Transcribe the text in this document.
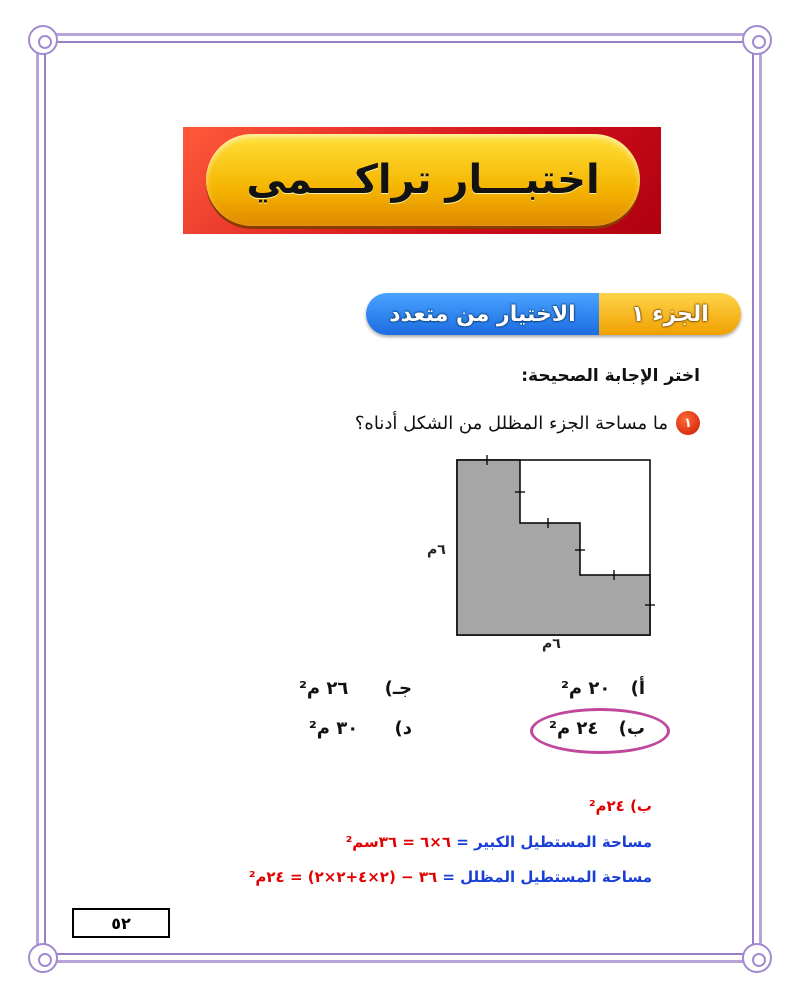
اختبـــار تراكـــمي
الجزء ١
الاختيار من متعدد
اختر الإجابة الصحيحة:
١
ما مساحة الجزء المظلل من الشكل أدناه؟
٦م
٦م
أ) ٢٠ م²
ب) ٢٤ م²
جـ) ٢٦ م²
د) ٣٠ م²
ب) ٢٤م²
مساحة المستطيل الكبير = ٦×٦ = ٣٦سم²
مساحة المستطيل المظلل = ٣٦ − (٢×٤+٢×٢) = ٢٤م²
٥٢
